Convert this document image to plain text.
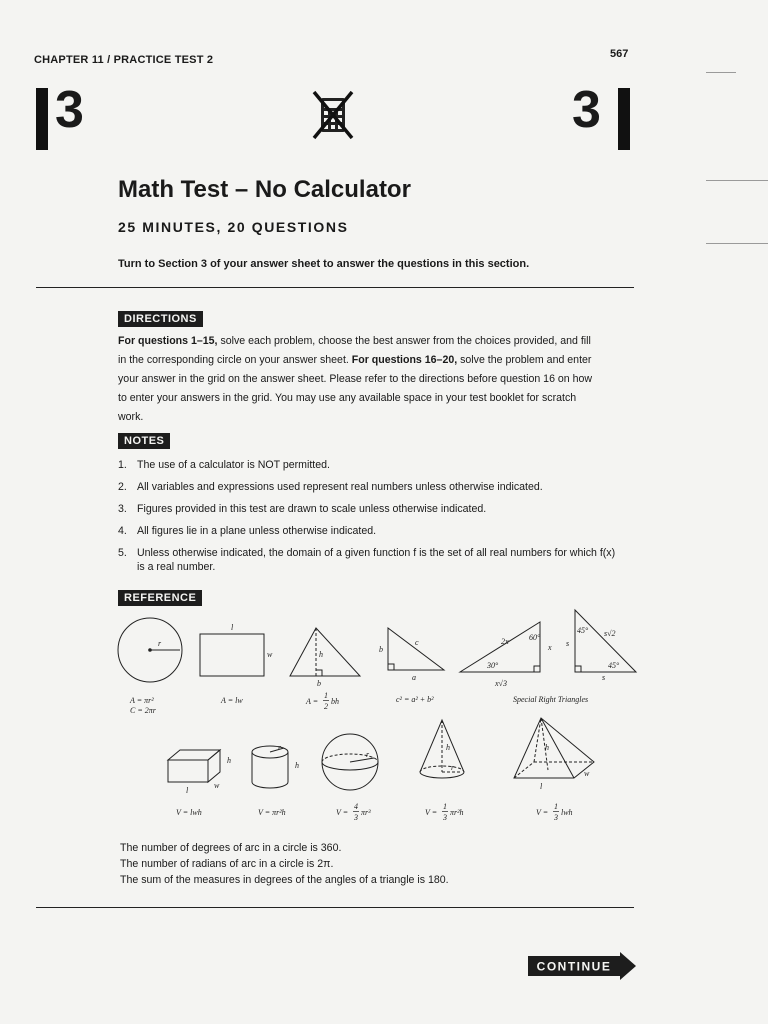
CHAPTER 11 / PRACTICE TEST 2	567
3	3
Math Test – No Calculator
25 MINUTES, 20 QUESTIONS
Turn to Section 3 of your answer sheet to answer the questions in this section.
DIRECTIONS
For questions 1–15, solve each problem, choose the best answer from the choices provided, and fill in the corresponding circle on your answer sheet. For questions 16–20, solve the problem and enter your answer in the grid on the answer sheet. Please refer to the directions before question 16 on how to enter your answers in the grid. You may use any available space in your test booklet for scratch work.
NOTES
1. The use of a calculator is NOT permitted.
2. All variables and expressions used represent real numbers unless otherwise indicated.
3. Figures provided in this test are drawn to scale unless otherwise indicated.
4. All figures lie in a plane unless otherwise indicated.
5. Unless otherwise indicated, the domain of a given function f is the set of all real numbers for which f(x) is a real number.
REFERENCE
r
l
w	h
b
b
c
a
2x	60°
x
30°
x√3
45° s√2
s
45°
s
A = πr²
C = 2πr
A = lw	A =
1
2
bh	c² = a² + b²	Special Right Triangles
h
w
l
r
h
r
h
r
h
w
l
V = lwh	V = πr²h	V =
4
3
πr³	V =
1
3
πr²h	V =
1
3
lwh
The number of degrees of arc in a circle is 360.
The number of radians of arc in a circle is 2π.
The sum of the measures in degrees of the angles of a triangle is 180.
CONTINUE
